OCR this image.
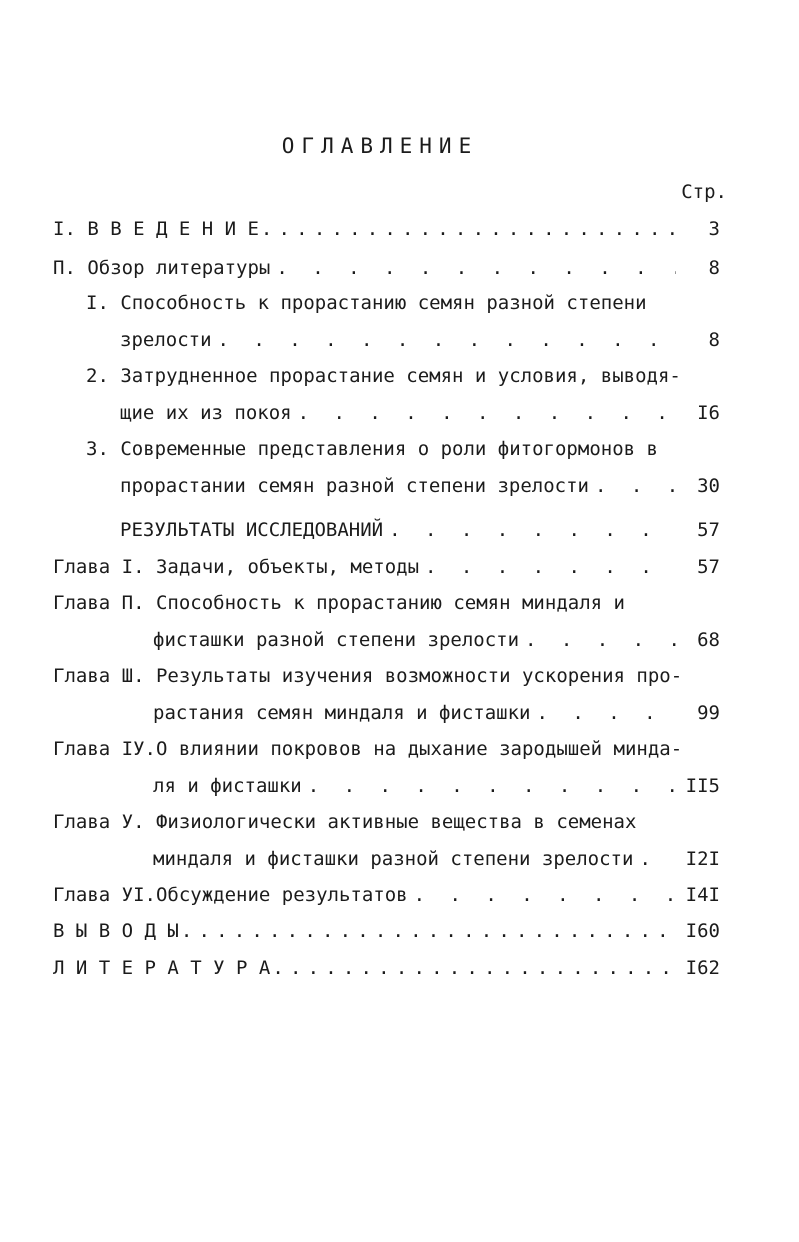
ОГЛАВЛЕНИЕ
Стр.
I. В В Е Д Е Н И Е .....	3
П. Обзор литературы . . .	8
I. Способность к прорастанию семян разной степени
зрелости . . .	8
2. Затрудненное прорастание семян и условия, выводя-
щие их из покоя . . .	I6
3. Современные представления о роли фитогормонов в
прорастании семян разной степени зрелости . . .	30
РЕЗУЛЬТАТЫ ИССЛЕДОВАНИЙ . . .	57
Глава I. Задачи, объекты, методы . . .	57
Глава П. Способность к прорастанию семян миндаля и
фисташки разной степени зрелости . . .	68
Глава Ш. Результаты изучения возможности ускорения про-
растания семян миндаля и фисташки . . .	99
Глава IУ.О влиянии покровов на дыхание зародышей минда-
ля и фисташки . . .	II5
Глава У. Физиологически активные вещества в семенах
миндаля и фисташки разной степени зрелости . . .	I2I
Глава УI.Обсуждение результатов . . .	I4I
В Ы В О Д Ы .....	I60
Л И Т Е Р А Т У Р А .....	I62
